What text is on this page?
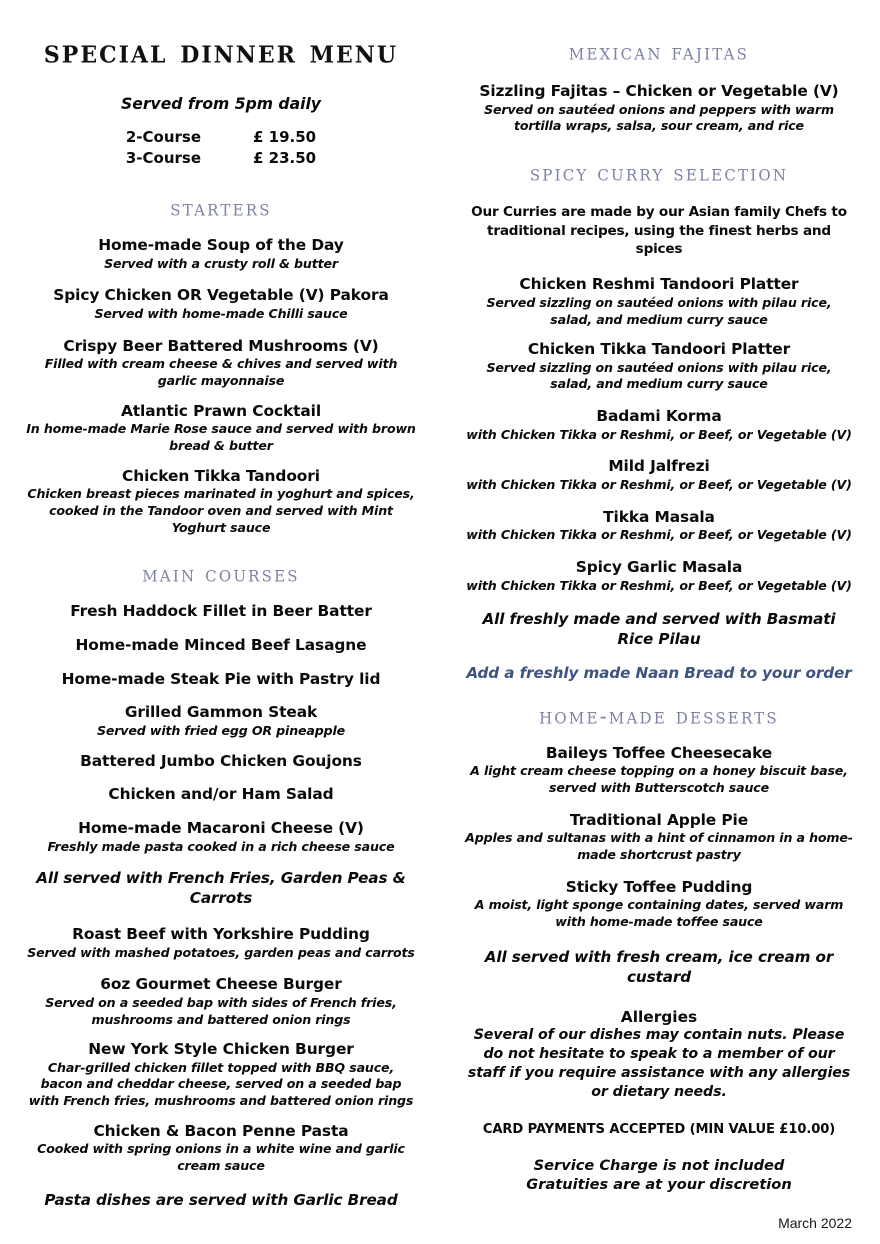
special dinner menu
Served from 5pm daily
2-Course	£ 19.50
3-Course	£ 23.50
starters
Home-made Soup of the Day
Served with a crusty roll & butter
Spicy Chicken OR Vegetable (V) Pakora
Served with home-made Chilli sauce
Crispy Beer Battered Mushrooms (V)
Filled with cream cheese & chives and served with garlic mayonnaise
Atlantic Prawn Cocktail
In home-made Marie Rose sauce and served with brown bread & butter
Chicken Tikka Tandoori
Chicken breast pieces marinated in yoghurt and spices, cooked in the Tandoor oven and served with Mint Yoghurt sauce
main courses
Fresh Haddock Fillet in Beer Batter
Home-made Minced Beef Lasagne
Home-made Steak Pie with Pastry lid
Grilled Gammon Steak
Served with fried egg OR pineapple
Battered Jumbo Chicken Goujons
Chicken and/or Ham Salad
Home-made Macaroni Cheese (V)
Freshly made pasta cooked in a rich cheese sauce
All served with French Fries, Garden Peas & Carrots
Roast Beef with Yorkshire Pudding
Served with mashed potatoes, garden peas and carrots
6oz Gourmet Cheese Burger
Served on a seeded bap with sides of French fries, mushrooms and battered onion rings
New York Style Chicken Burger
Char-grilled chicken fillet topped with BBQ sauce, bacon and cheddar cheese, served on a seeded bap with French fries, mushrooms and battered onion rings
Chicken & Bacon Penne Pasta
Cooked with spring onions in a white wine and garlic cream sauce
Pasta dishes are served with Garlic Bread
mexican fajitas
Sizzling Fajitas – Chicken or Vegetable (V)
Served on sautéed onions and peppers with warm tortilla wraps, salsa, sour cream, and rice
spicy curry selection
Our Curries are made by our Asian family Chefs to traditional recipes, using the finest herbs and spices
Chicken Reshmi Tandoori Platter
Served sizzling on sautéed onions with pilau rice, salad, and medium curry sauce
Chicken Tikka Tandoori Platter
Served sizzling on sautéed onions with pilau rice, salad, and medium curry sauce
Badami Korma
with Chicken Tikka or Reshmi, or Beef, or Vegetable (V)
Mild Jalfrezi
with Chicken Tikka or Reshmi, or Beef, or Vegetable (V)
Tikka Masala
with Chicken Tikka or Reshmi, or Beef, or Vegetable (V)
Spicy Garlic Masala
with Chicken Tikka or Reshmi, or Beef, or Vegetable (V)
All freshly made and served with Basmati Rice Pilau
Add a freshly made Naan Bread to your order
home-made desserts
Baileys Toffee Cheesecake
A light cream cheese topping on a honey biscuit base, served with Butterscotch sauce
Traditional Apple Pie
Apples and sultanas with a hint of cinnamon in a home-made shortcrust pastry
Sticky Toffee Pudding
A moist, light sponge containing dates, served warm with home-made toffee sauce
All served with fresh cream, ice cream or custard
Allergies
Several of our dishes may contain nuts. Please do not hesitate to speak to a member of our staff if you require assistance with any allergies or dietary needs.
CARD PAYMENTS ACCEPTED (MIN VALUE £10.00)
Service Charge is not included
Gratuities are at your discretion
March 2022
